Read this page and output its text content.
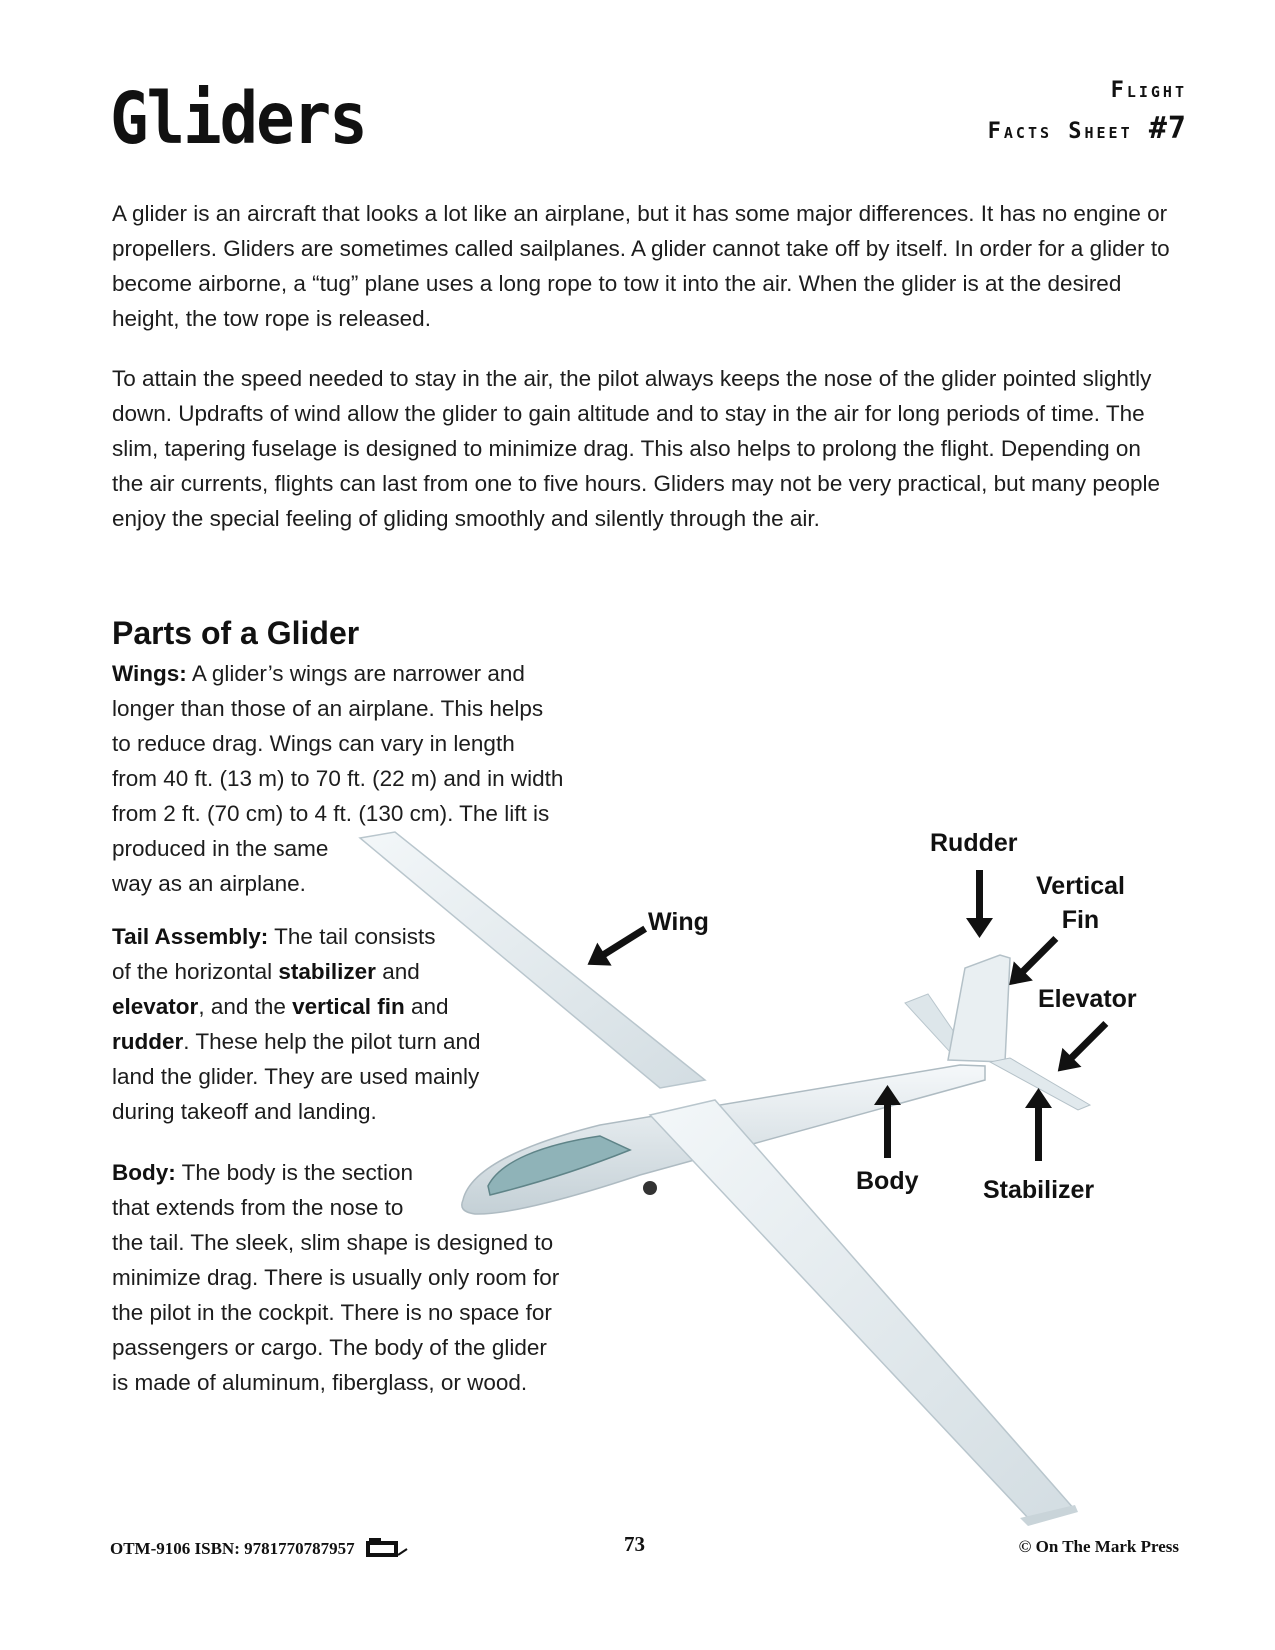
Gliders	Flight
Facts Sheet #7

A glider is an aircraft that looks a lot like an airplane, but it has some major differences. It has no engine or propellers. Gliders are sometimes called sailplanes. A glider cannot take off by itself. In order for a glider to become airborne, a “tug” plane uses a long rope to tow it into the air. When the glider is at the desired height, the tow rope is released.

To attain the speed needed to stay in the air, the pilot always keeps the nose of the glider pointed slightly down. Updrafts of wind allow the glider to gain altitude and to stay in the air for long periods of time. The slim, tapering fuselage is designed to minimize drag. This also helps to prolong the flight. Depending on the air currents, flights can last from one to five hours. Gliders may not be very practical, but many people enjoy the special feeling of gliding smoothly and silently through the air.

Parts of a Glider

Wings: A glider’s wings are narrower and
longer than those of an airplane. This helps
to reduce drag. Wings can vary in length
from 40 ft. (13 m) to 70 ft. (22 m) and in width
from 2 ft. (70 cm) to 4 ft. (130 cm). The lift is
produced in the same
way as an airplane.

Tail Assembly: The tail consists
of the horizontal stabilizer and
elevator, and the vertical fin and
rudder. These help the pilot turn and
land the glider. They are used mainly
during takeoff and landing.

Body: The body is the section
that extends from the nose to
the tail. The sleek, slim shape is designed to
minimize drag. There is usually only room for
the pilot in the cockpit. There is no space for
passengers or cargo. The body of the glider
is made of aluminum, fiberglass, or wood.

Rudder
Vertical
Fin
Wing
Elevator
Body	Stabilizer
OTM-9106 ISBN: 9781770787957	73	© On The Mark Press
